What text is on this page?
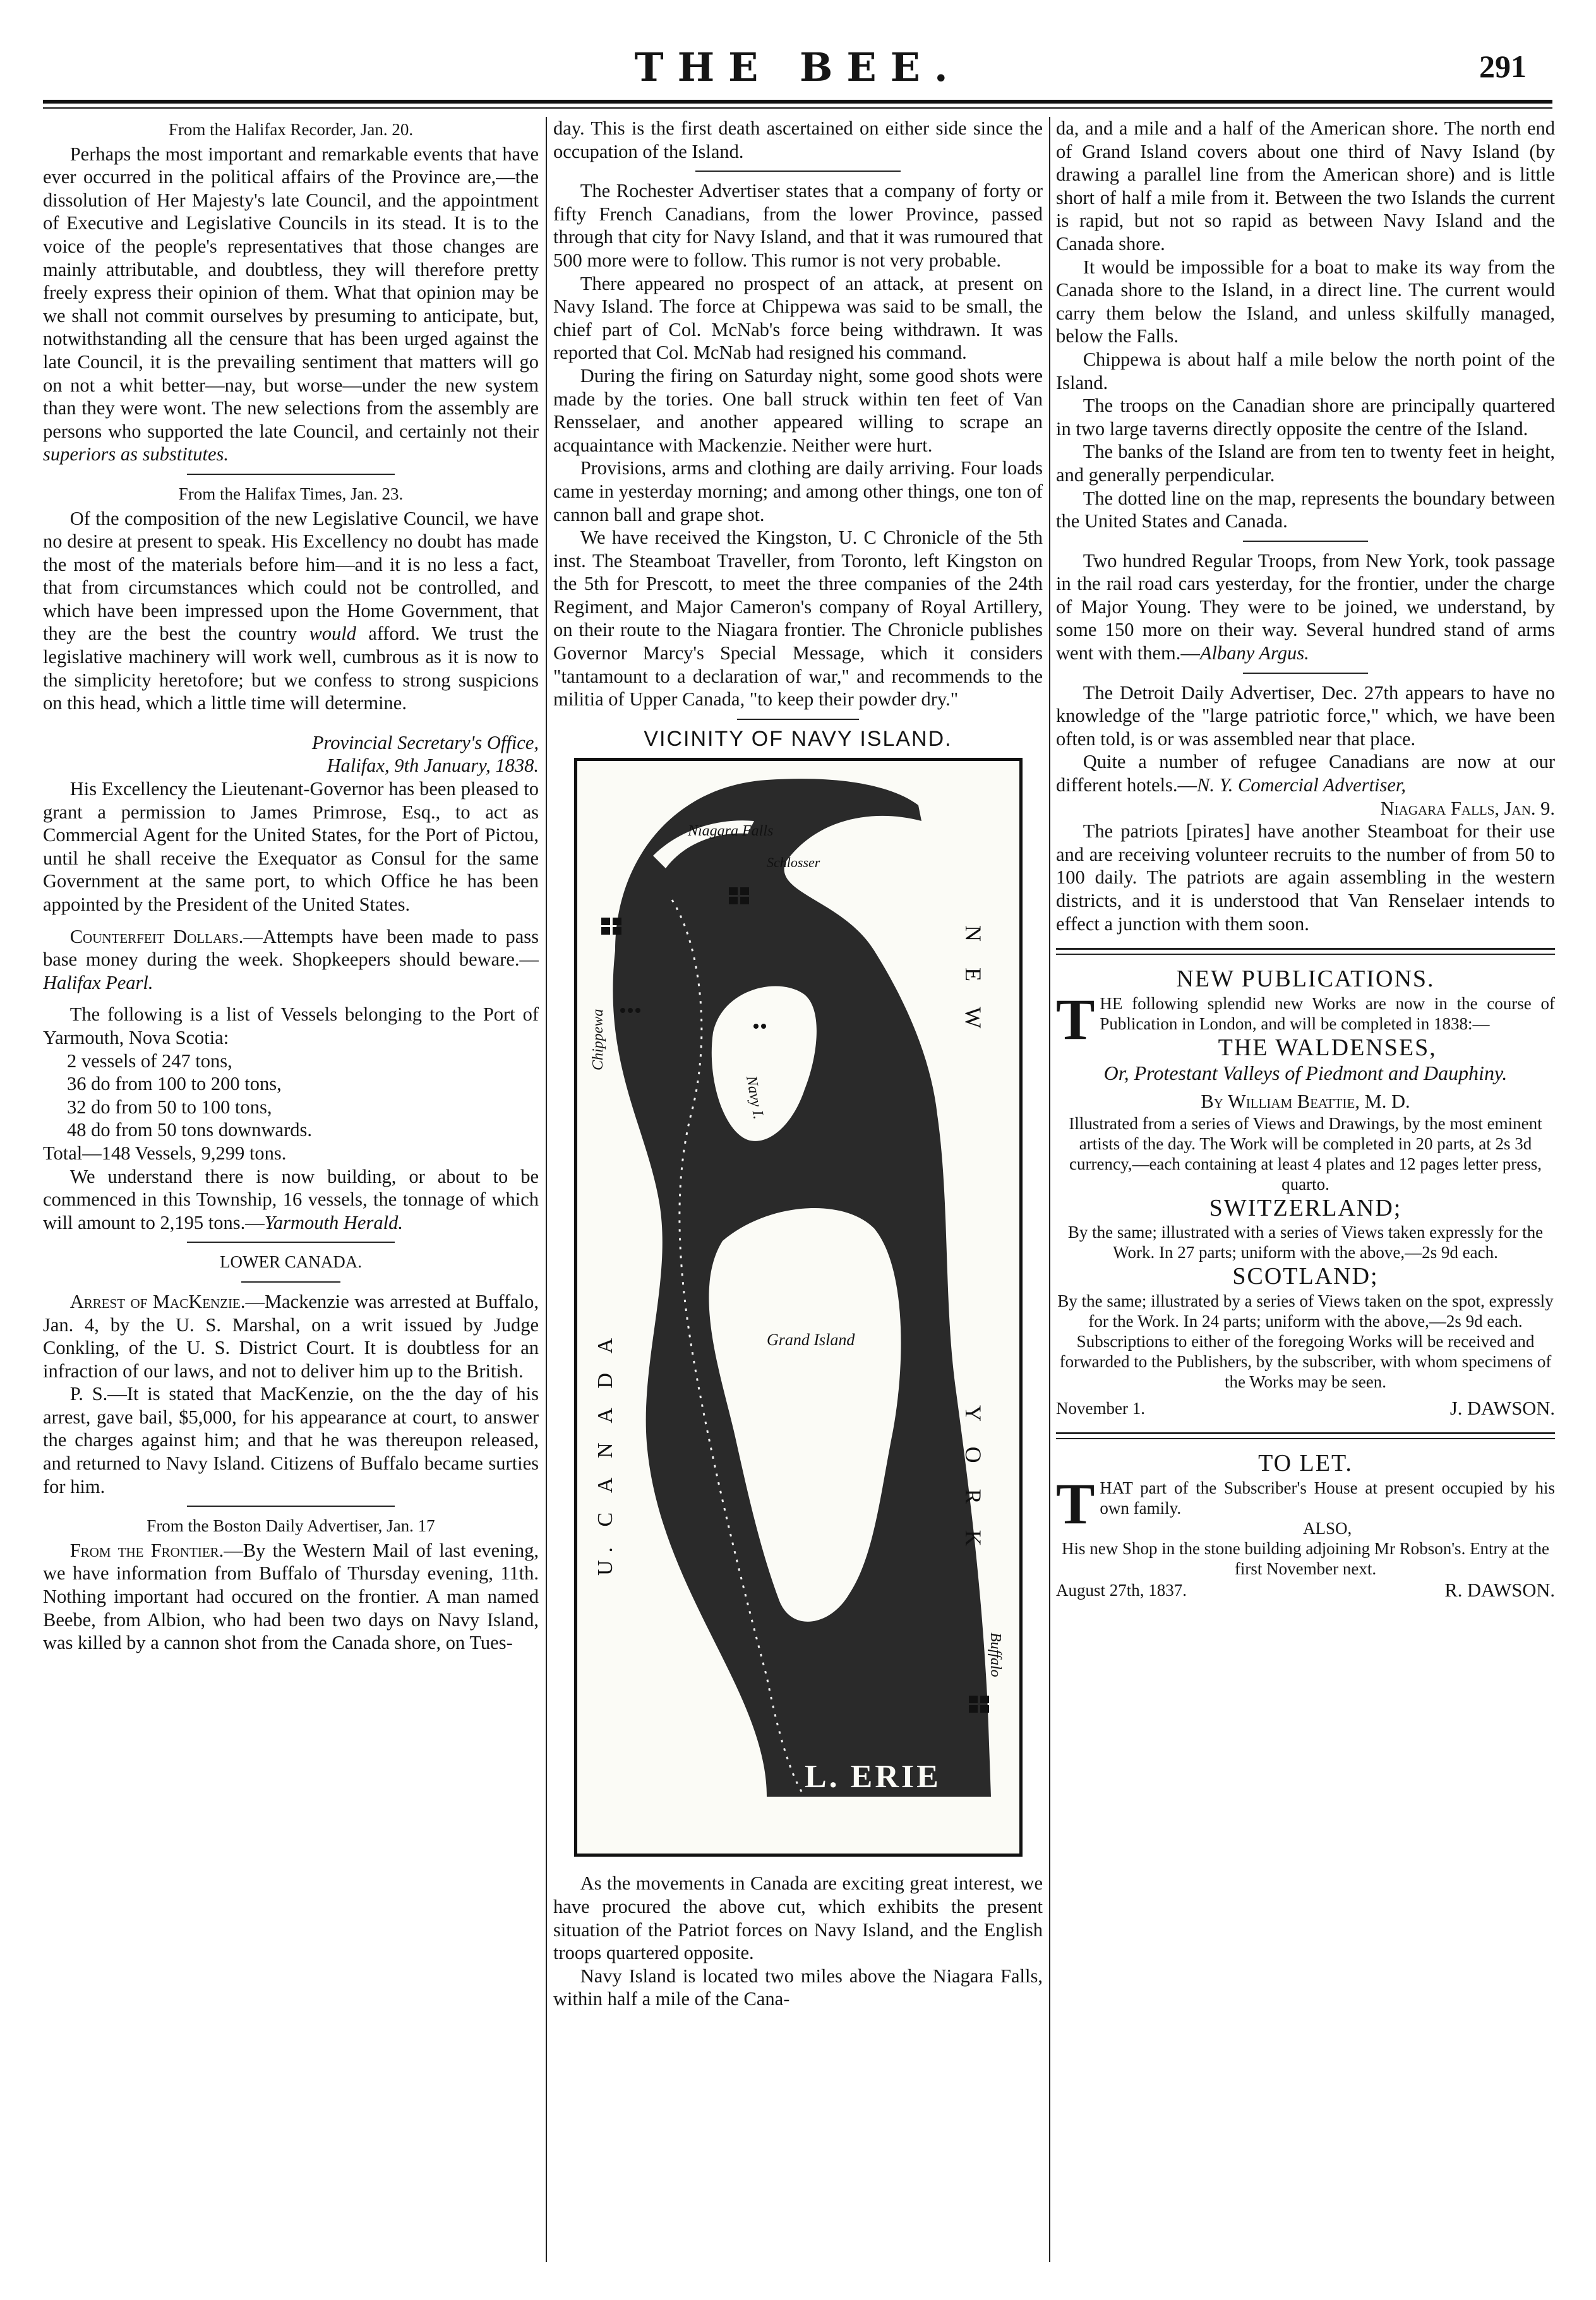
THE BEE.	291

From the Halifax Recorder, Jan. 20.

Perhaps the most important and remarkable events that have ever occurred in the political affairs of the Province are,—the dissolution of Her Majesty's late Council, and the appointment of Executive and Legislative Councils in its stead. It is to the voice of the people's representatives that those changes are mainly attributable, and doubtless, they will therefore pretty freely express their opinion of them. What that opinion may be we shall not commit ourselves by presuming to anticipate, but, notwithstanding all the censure that has been urged against the late Council, it is the prevailing sentiment that matters will go on not a whit better—nay, but worse—under the new system than they were wont. The new selections from the assembly are persons who supported the late Council, and certainly not their superiors as substitutes.

From the Halifax Times, Jan. 23.

Of the composition of the new Legislative Council, we have no desire at present to speak. His Excellency no doubt has made the most of the materials before him—and it is no less a fact, that from circumstances which could not be controlled, and which have been impressed upon the Home Government, that they are the best the country would afford. We trust the legislative machinery will work well, cumbrous as it is now to the simplicity heretofore; but we confess to strong suspicions on this head, which a little time will determine.

Provincial Secretary's Office,

Halifax, 9th January, 1838.

His Excellency the Lieutenant-Governor has been pleased to grant a permission to James Primrose, Esq., to act as Commercial Agent for the United States, for the Port of Pictou, until he shall receive the Exequator as Consul for the same Government at the same port, to which Office he has been appointed by the President of the United States.

Counterfeit Dollars.—Attempts have been made to pass base money during the week. Shopkeepers should beware.—Halifax Pearl.

The following is a list of Vessels belonging to the Port of Yarmouth, Nova Scotia:

2 vessels of 247 tons,

36 do from 100 to 200 tons,

32 do from 50 to 100 tons,

48 do from 50 tons downwards.

Total—148 Vessels, 9,299 tons.

We understand there is now building, or about to be commenced in this Township, 16 vessels, the tonnage of which will amount to 2,195 tons.—Yarmouth Herald.

LOWER CANADA.

Arrest of MacKenzie.—Mackenzie was arrested at Buffalo, Jan. 4, by the U. S. Marshal, on a writ issued by Judge Conkling, of the U. S. District Court. It is doubtless for an infraction of our laws, and not to deliver him up to the British.

P. S.—It is stated that MacKenzie, on the the day of his arrest, gave bail, $5,000, for his appearance at court, to answer the charges against him; and that he was thereupon released, and returned to Navy Island. Citizens of Buffalo became surties for him.

From the Boston Daily Advertiser, Jan. 17

From the Frontier.—By the Western Mail of last evening, we have information from Buffalo of Thursday evening, 11th. Nothing important had occured on the frontier. A man named Beebe, from Albion, who had been two days on Navy Island, was killed by a cannon shot from the Canada shore, on Tues-

day. This is the first death ascertained on either side since the occupation of the Island.

The Rochester Advertiser states that a company of forty or fifty French Canadians, from the lower Province, passed through that city for Navy Island, and that it was rumoured that 500 more were to follow. This rumor is not very probable.

There appeared no prospect of an attack, at present on Navy Island. The force at Chippewa was said to be small, the chief part of Col. McNab's force being withdrawn. It was reported that Col. McNab had resigned his command.

During the firing on Saturday night, some good shots were made by the tories. One ball struck within ten feet of Van Rensselaer, and another appeared willing to scrape an acquaintance with Mackenzie. Neither were hurt.

Provisions, arms and clothing are daily arriving. Four loads came in yesterday morning; and among other things, one ton of cannon ball and grape shot.

We have received the Kingston, U. C Chronicle of the 5th inst. The Steamboat Traveller, from Toronto, left Kingston on the 5th for Prescott, to meet the three companies of the 24th Regiment, and Major Cameron's company of Royal Artillery, on their route to the Niagara frontier. The Chronicle publishes Governor Marcy's Special Message, which it considers "tantamount to a declaration of war," and recommends to the militia of Upper Canada, "to keep their powder dry."

VICINITY OF NAVY ISLAND.

Niagara Falls
Schlosser
Chippewa
Navy I.
N E W
Y O R K
U. C A N A D A	Grand Island
Buffalo
L. ERIE

As the movements in Canada are exciting great interest, we have procured the above cut, which exhibits the present situation of the Patriot forces on Navy Island, and the English troops quartered opposite.

Navy Island is located two miles above the Niagara Falls, within half a mile of the Cana-

da, and a mile and a half of the American shore. The north end of Grand Island covers about one third of Navy Island (by drawing a parallel line from the American shore) and is little short of half a mile from it. Between the two Islands the current is rapid, but not so rapid as between Navy Island and the Canada shore.

It would be impossible for a boat to make its way from the Canada shore to the Island, in a direct line. The current would carry them below the Island, and unless skilfully managed, below the Falls.

Chippewa is about half a mile below the north point of the Island.

The troops on the Canadian shore are principally quartered in two large taverns directly opposite the centre of the Island.

The banks of the Island are from ten to twenty feet in height, and generally perpendicular.

The dotted line on the map, represents the boundary between the United States and Canada.

Two hundred Regular Troops, from New York, took passage in the rail road cars yesterday, for the frontier, under the charge of Major Young. They were to be joined, we understand, by some 150 more on their way. Several hundred stand of arms went with them.—Albany Argus.

The Detroit Daily Advertiser, Dec. 27th appears to have no knowledge of the "large patriotic force," which, we have been often told, is or was assembled near that place.

Quite a number of refugee Canadians are now at our different hotels.—N. Y. Comercial Advertiser,

Niagara Falls, Jan. 9.

The patriots [pirates] have another Steamboat for their use and are receiving volunteer recruits to the number of from 50 to 100 daily. The patriots are again assembling in the western districts, and it is understood that Van Renselaer intends to effect a junction with them soon.

NEW PUBLICATIONS.

THE following splendid new Works are now in the course of Publication in London, and will be completed in 1838:—

THE WALDENSES,

Or, Protestant Valleys of Piedmont and Dauphiny.

By William Beattie, M. D.

Illustrated from a series of Views and Drawings, by the most eminent artists of the day. The Work will be completed in 20 parts, at 2s 3d currency,—each containing at least 4 plates and 12 pages letter press, quarto.

SWITZERLAND;

By the same; illustrated with a series of Views taken expressly for the Work. In 27 parts; uniform with the above,—2s 9d each.

SCOTLAND;

By the same; illustrated by a series of Views taken on the spot, expressly for the Work. In 24 parts; uniform with the above,—2s 9d each.

Subscriptions to either of the foregoing Works will be received and forwarded to the Publishers, by the subscriber, with whom specimens of the Works may be seen.

November 1.	J. DAWSON.

TO LET.

THAT part of the Subscriber's House at present occupied by his own family.

ALSO,

His new Shop in the stone building adjoining Mr Robson's. Entry at the first November next.

August 27th, 1837.	R. DAWSON.
